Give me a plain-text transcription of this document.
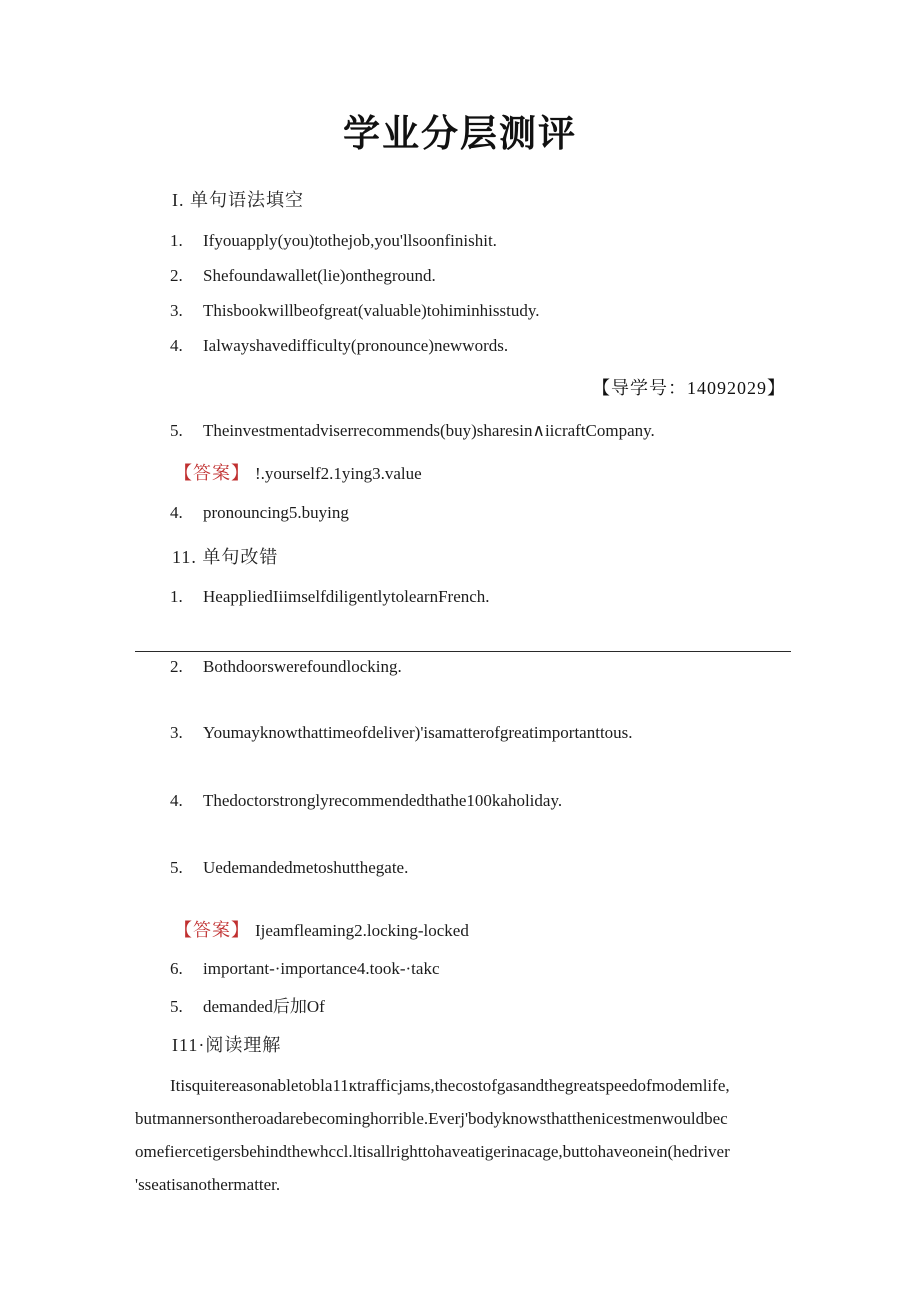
学业分层测评
I. 单句语法填空
1. Ifyouapply(you)tothejob,you'llsoonfinishit.
2. Shefoundawallet(lie)ontheground.
3. Thisbookwillbeofgreat(valuable)tohiminhisstudy.
4. Ialwayshavedifficulty(pronounce)newwords.
【导学号：14092029】
5. Theinvestmentadviserrecommends(buy)sharesin∧iicraftCompany.
【答案】 !.yourself2.1ying3.value
4. pronouncing5.buying
11. 单句改错
1. HeappliedIiimselfdiligentlytolearnFrench.
2. Bothdoorswerefoundlocking.
3. Youmayknowthattimeofdeliver)'isamatterofgreatimportanttous.
4. Thedoctorstronglyrecommendedthathe100kaholiday.
5. Uedemandedmetoshutthegate.
【答案】 Ijeamfleaming2.locking-locked
6. important-·importance4.took-·takc
5. demanded后加Of
I11·阅读理解
Itisquitereasonabletobla11кtrafficjams,thecostofgasandthegreatspeedofmodemlife,
butmannersontheroadarebecominghorrible.Everj'bodyknowsthatthenicestmenwouldbec
omefiercetigersbehindthewhccl.ltisallrighttohaveatigerinacage,buttohaveonein(hedriver
'sseatisanothermatter.
